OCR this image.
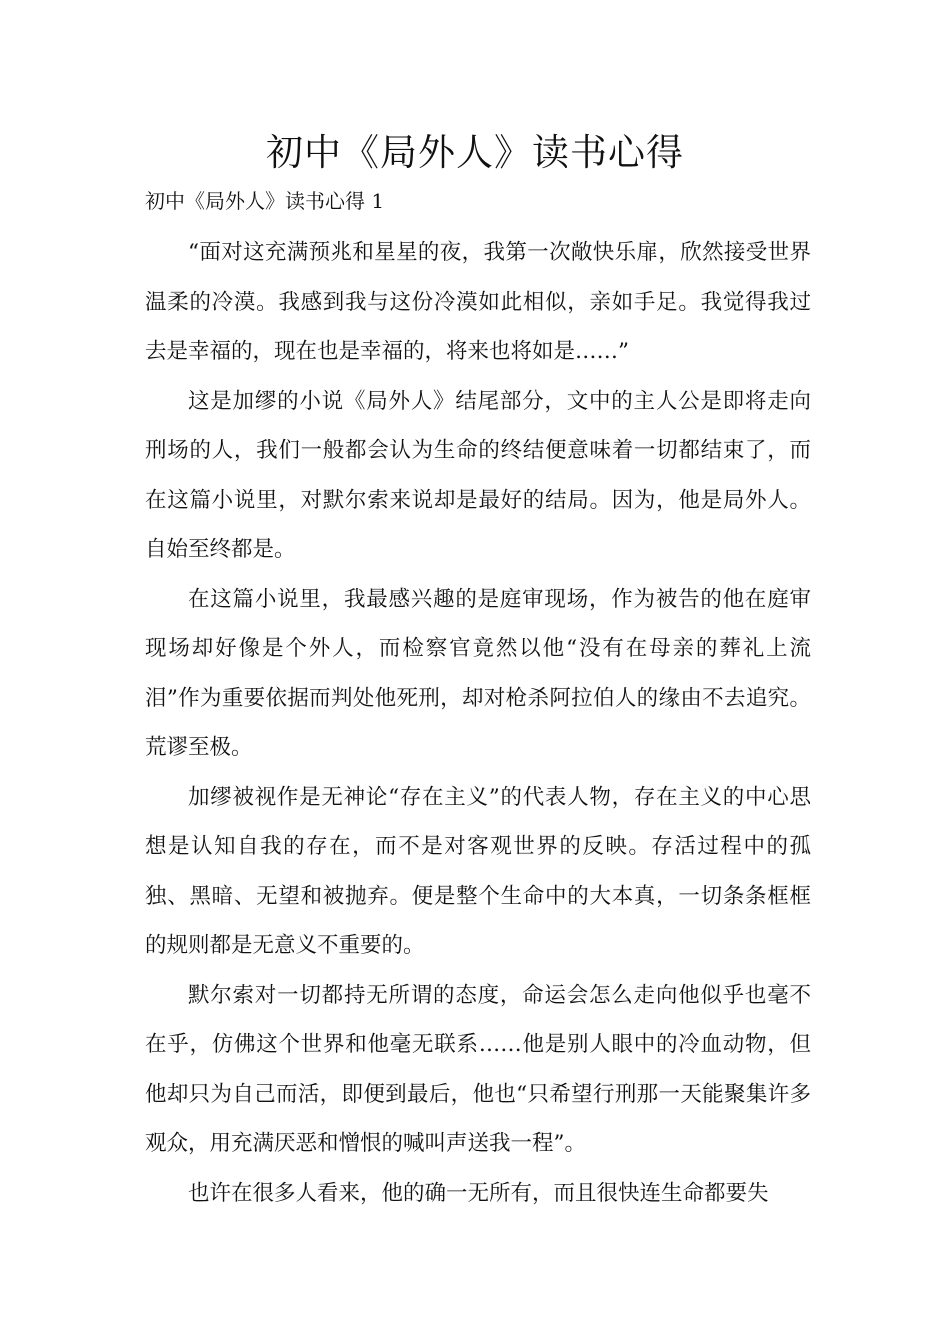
初中《局外人》读书心得

初中《局外人》读书心得 1

“面对这充满预兆和星星的夜，我第一次敞快乐扉，欣然接受世界温柔的冷漠。我感到我与这份冷漠如此相似，亲如手足。我觉得我过去是幸福的，现在也是幸福的，将来也将如是……”

这是加缪的小说《局外人》结尾部分，文中的主人公是即将走向刑场的人，我们一般都会认为生命的终结便意味着一切都结束了，而在这篇小说里，对默尔索来说却是最好的结局。因为，他是局外人。自始至终都是。

在这篇小说里，我最感兴趣的是庭审现场，作为被告的他在庭审现场却好像是个外人，而检察官竟然以他“没有在母亲的葬礼上流泪”作为重要依据而判处他死刑，却对枪杀阿拉伯人的缘由不去追究。荒谬至极。

加缪被视作是无神论“存在主义”的代表人物，存在主义的中心思想是认知自我的存在，而不是对客观世界的反映。存活过程中的孤独、黑暗、无望和被抛弃。便是整个生命中的大本真，一切条条框框的规则都是无意义不重要的。

默尔索对一切都持无所谓的态度，命运会怎么走向他似乎也毫不在乎，仿佛这个世界和他毫无联系……他是别人眼中的冷血动物，但他却只为自己而活，即便到最后，他也“只希望行刑那一天能聚集许多观众，用充满厌恶和憎恨的喊叫声送我一程”。

也许在很多人看来，他的确一无所有，而且很快连生命都要失
